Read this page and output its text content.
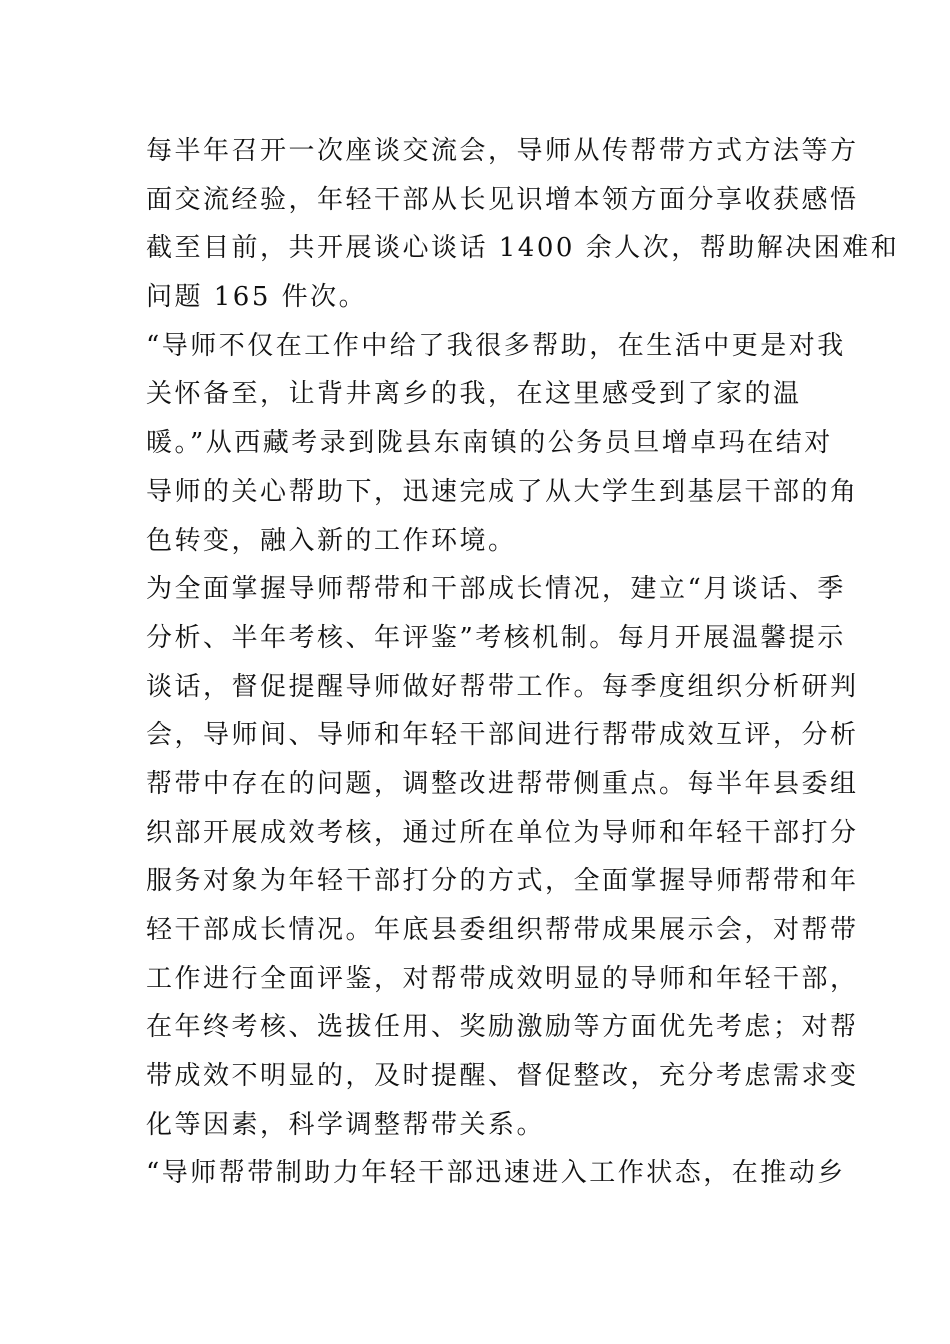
每半年召开一次座谈交流会，导师从传帮带方式方法等方
面交流经验，年轻干部从长见识增本领方面分享收获感悟
截至目前，共开展谈心谈话 1400 余人次，帮助解决困难和
问题 165 件次。
“导师不仅在工作中给了我很多帮助，在生活中更是对我
关怀备至，让背井离乡的我，在这里感受到了家的温
暖。”从西藏考录到陇县东南镇的公务员旦增卓玛在结对
导师的关心帮助下，迅速完成了从大学生到基层干部的角
色转变，融入新的工作环境。
为全面掌握导师帮带和干部成长情况，建立“月谈话、季
分析、半年考核、年评鉴”考核机制。每月开展温馨提示
谈话，督促提醒导师做好帮带工作。每季度组织分析研判
会，导师间、导师和年轻干部间进行帮带成效互评，分析
帮带中存在的问题，调整改进帮带侧重点。每半年县委组
织部开展成效考核，通过所在单位为导师和年轻干部打分
服务对象为年轻干部打分的方式，全面掌握导师帮带和年
轻干部成长情况。年底县委组织帮带成果展示会，对帮带
工作进行全面评鉴，对帮带成效明显的导师和年轻干部，
在年终考核、选拔任用、奖励激励等方面优先考虑；对帮
带成效不明显的，及时提醒、督促整改，充分考虑需求变
化等因素，科学调整帮带关系。
“导师帮带制助力年轻干部迅速进入工作状态，在推动乡
